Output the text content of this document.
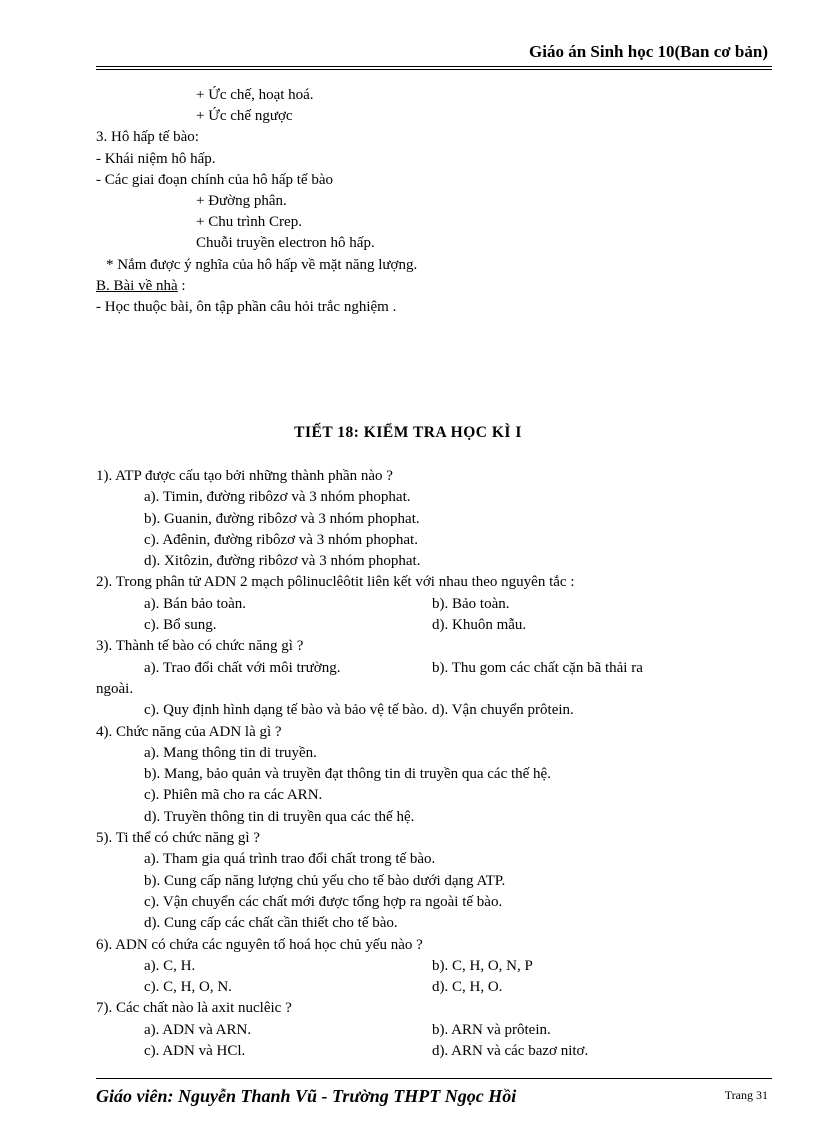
Giáo án Sinh học 10(Ban cơ bản)
+ Ức chế, hoạt hoá.
+ Ức chế ngược
3. Hô hấp tế bào:
- Khái niệm hô hấp.
- Các giai đoạn chính của hô hấp tế bào
+ Đường phân.
+ Chu trình Crep.
Chuỗi truyền electron hô hấp.
* Nắm được ý nghĩa của hô hấp về mặt năng lượng.
B. Bài về nhà :
- Học thuộc bài, ôn tập phần câu hỏi trắc nghiệm .
TIẾT 18: KIỂM TRA HỌC KÌ I
1). ATP được cấu tạo bởi những thành phần nào ?
a). Timin, đường ribôzơ và 3 nhóm phophat.
b). Guanin, đường ribôzơ và 3 nhóm phophat.
c). Ađênin, đường ribôzơ và 3 nhóm phophat.
d). Xitôzin, đường ribôzơ và 3 nhóm phophat.
2). Trong phân tử ADN 2 mạch pôlinuclêôtit liên kết với nhau theo nguyên tắc :
a). Bán bảo toàn.	b). Bảo toàn.
c). Bổ sung.	d). Khuôn mẫu.
3). Thành tế bào có chức năng gì ?
a). Trao đổi chất với môi trường.	b). Thu gom các chất cặn bã thải ra
ngoài.
c). Quy định hình dạng tế bào và bảo vệ tế bào. d). Vận chuyển prôtein.
4). Chức năng của ADN là gì ?
a). Mang thông tin di truyền.
b). Mang, bảo quản và truyền đạt thông tin di truyền qua các thế hệ.
c). Phiên mã cho ra các ARN.
d). Truyền thông tin di truyền qua các thế hệ.
5). Ti thể có chức năng gì ?
a). Tham gia quá trình trao đổi chất trong tế bào.
b). Cung cấp năng lượng chủ yếu cho tế bào dưới dạng ATP.
c). Vận chuyển các chất mới được tổng hợp ra ngoài tế bào.
d). Cung cấp các chất cần thiết cho tế bào.
6). ADN có chứa các nguyên tố hoá học chủ yếu nào ?
a). C, H.	b). C, H, O, N, P
c). C, H, O, N.	d). C, H, O.
7). Các chất nào là axit nuclêic ?
a). ADN và ARN.	b). ARN và prôtein.
c). ADN và HCl.	d). ARN và các bazơ nitơ.
Giáo viên: Nguyễn Thanh Vũ - Trường THPT Ngọc Hồi	Trang 31
